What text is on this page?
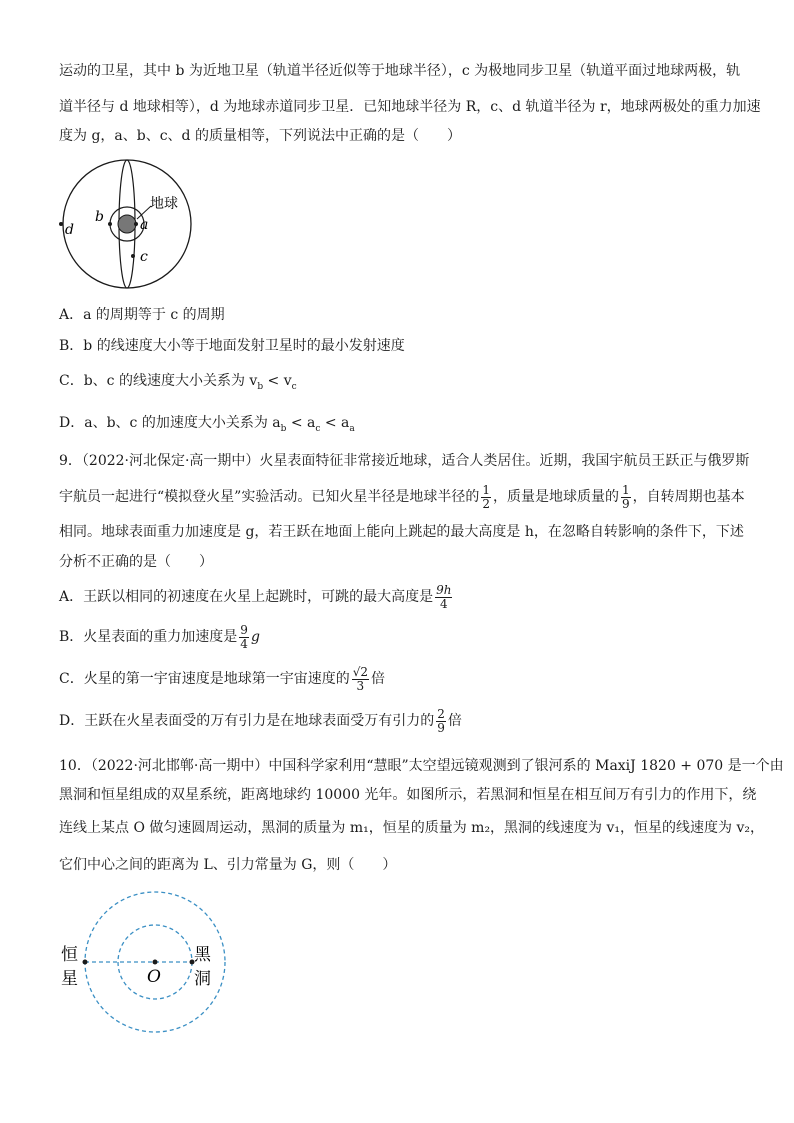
运动的卫星，其中 b 为近地卫星（轨道半径近似等于地球半径），c 为极地同步卫星（轨道平面过地球两极，轨
道半径与 d 地球相等），d 为地球赤道同步卫星．已知地球半径为 R，c、d 轨道半径为 r，地球两极处的重力加速
度为 g，a、b、c、d 的质量相等，下列说法中正确的是（　　）
地球
b	a
c
d
A．a 的周期等于 c 的周期
B．b 的线速度大小等于地面发射卫星时的最小发射速度
C．b、c 的线速度大小关系为 $v_b < v_c$
D．a、b、c 的加速度大小关系为 $a_b < a_c < a_a$
9．（2022·河北保定·高一期中）火星表面特征非常接近地球，适合人类居住。近期，我国宇航员王跃正与俄罗斯
宇航员一起进行“模拟登火星”实验活动。已知火星半径是地球半径的 $\frac{1}{2}$ ，质量是地球质量的 $\frac{1}{9}$ ，自转周期也基本
相同。地球表面重力加速度是 g，若王跃在地面上能向上跳起的最大高度是 h，在忽略自转影响的条件下，下述
分析不正确的是（　　）
A．王跃以相同的初速度在火星上起跳时，可跳的最大高度是 $\frac{9h}{4}$
B．火星表面的重力加速度是 $\frac{9}{4}$ g
C．火星的第一宇宙速度是地球第一宇宙速度的 $\frac{√2}{3}$ 倍
D．王跃在火星表面受的万有引力是在地球表面受万有引力的 $\frac{2}{9}$ 倍
10．（2022·河北邯郸·高一期中）中国科学家利用“慧眼”太空望远镜观测到了银河系的 MaxiJ 1820 + 070 是一个由
黑洞和恒星组成的双星系统，距离地球约 10000 光年。如图所示，若黑洞和恒星在相互间万有引力的作用下，绕
连线上某点 O 做匀速圆周运动，黑洞的质量为 m₁，恒星的质量为 m₂，黑洞的线速度为 v₁，恒星的线速度为 v₂，
它们中心之间的距离为 L、引力常量为 G，则（　　）
恒
星
黑
洞
O
